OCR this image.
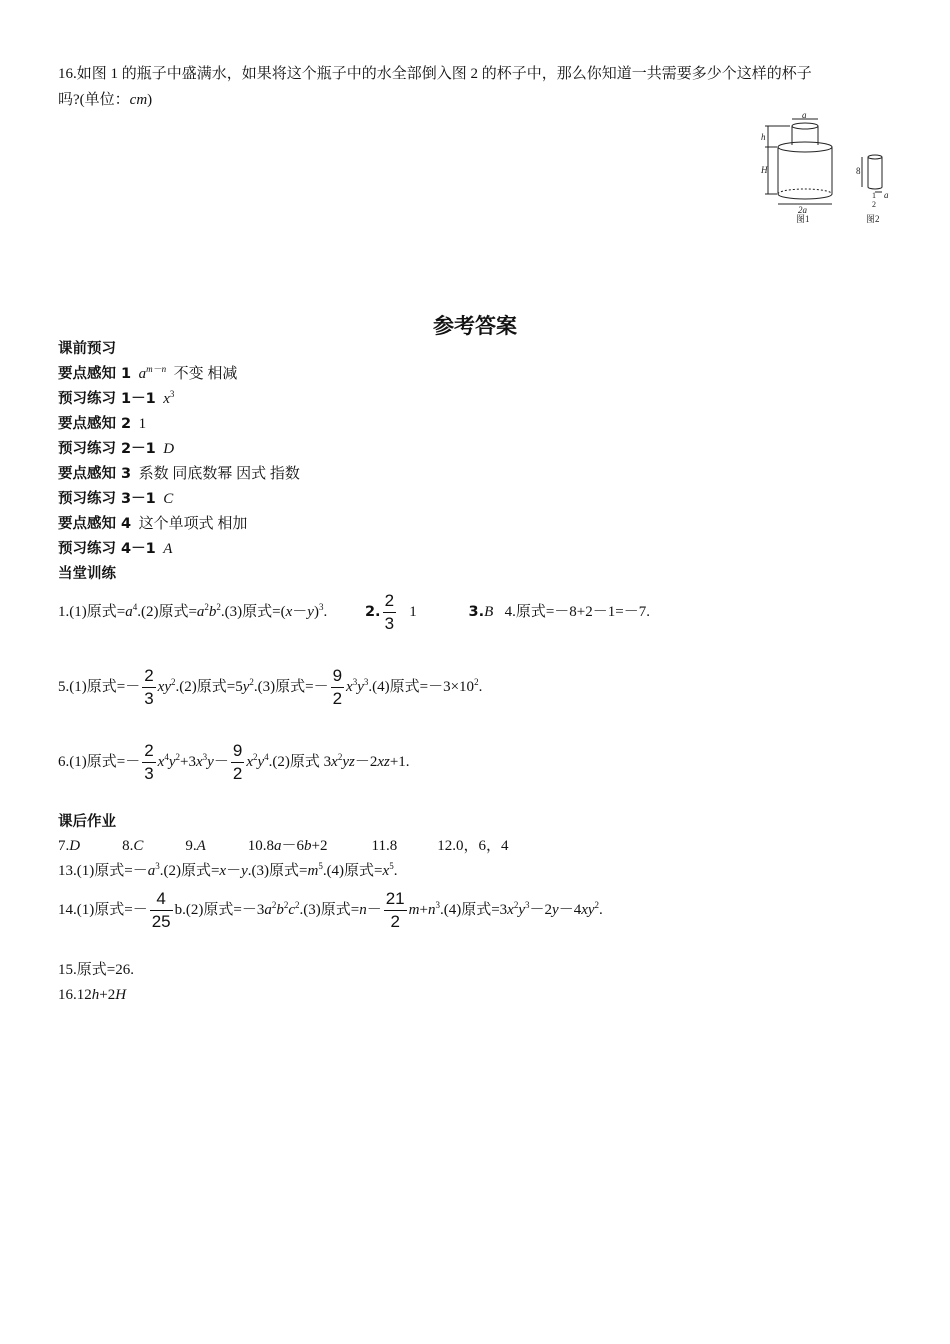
16.如图 1 的瓶子中盛满水，如果将这个瓶子中的水全部倒入图 2 的杯子中，那么你知道一共需要多少个这样的杯子
吗?(单位：cm)
a
h
H
2a
图1
8
1
2
a
图2
参考答案
课前预习
要点感知 1 $a^{m-n}$ 不变 相减
预习练习 1－1 $x^3$
要点感知 2 1
预习练习 2－1 D
要点感知 3 系数 同底数幂 因式 指数
预习练习 3－1 C
要点感知 4 这个单项式 相加
预习练习 4－1 A
当堂训练
1.(1)原式$=a^4.(2)$原式$=a^2b^2.(3)$原式$=(x-y)^3$.	2. $\frac{2}{3} 1$	3.B 4.原式=－8+2－1=－7.
5.(1)原式=－ $\frac{2}{3} xy^2.(2)$原式$=5y^2.(3)$原式=－ $\frac{9}{2} x^3y^3.(4)$原式$=-3\times 10^2$.
6.(1)原式=－ $\frac{2}{3} x^4y^2+3x^3y- \frac{9}{2} x^2y^4.(2)$原式 $3x^2yz-2xz+1$.
课后作业
7.D	8.C	9.A	10.8a－6b+2	11.8	12.0，6，4
13.(1)原式$=-a^3.(2)$原式=x－y.(3)原式$=m^5.(4)$原式$=x^5$.
14.(1)原式=－ $\frac{4}{25} b.(2)$原式$=-3a^2b^2c^2.(3)$原式$=n- \frac{21}{2} m+n^3.(4)$原式$=3x^2y^3-2y-4xy^2$.
15.原式=26.
16.12h+2H
